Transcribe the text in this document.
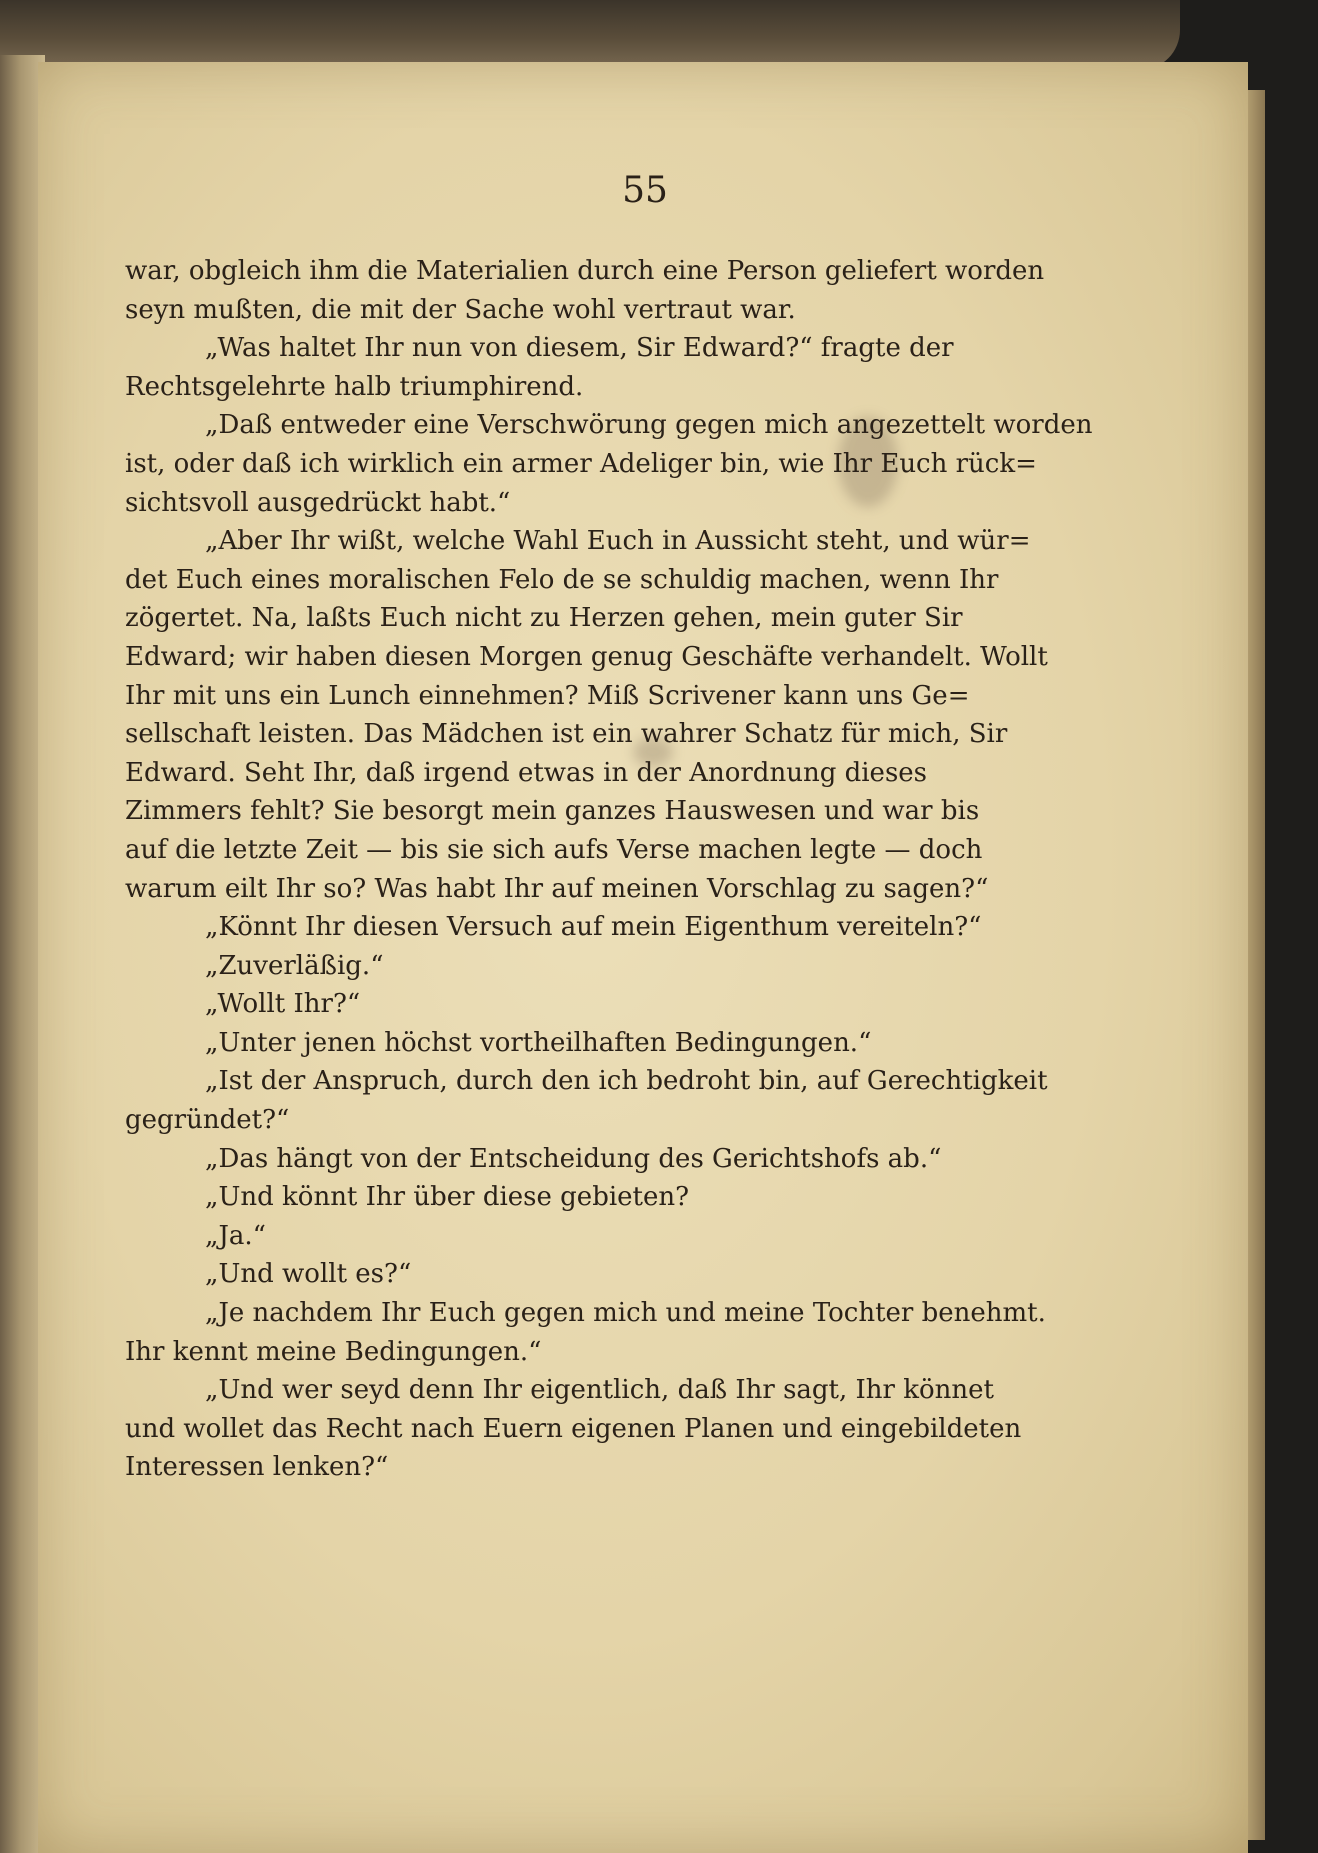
55
war, obgleich ihm die Materialien durch eine Person geliefert worden
seyn mußten, die mit der Sache wohl vertraut war.
„Was haltet Ihr nun von diesem, Sir Edward?“ fragte der
Rechtsgelehrte halb triumphirend.
„Daß entweder eine Verschwörung gegen mich angezettelt worden
ist, oder daß ich wirklich ein armer Adeliger bin, wie Ihr Euch rück=
sichtsvoll ausgedrückt habt.“
„Aber Ihr wißt, welche Wahl Euch in Aussicht steht, und wür=
det Euch eines moralischen Felo de se schuldig machen, wenn Ihr
zögertet. Na, laßts Euch nicht zu Herzen gehen, mein guter Sir
Edward; wir haben diesen Morgen genug Geschäfte verhandelt. Wollt
Ihr mit uns ein Lunch einnehmen? Miß Scrivener kann uns Ge=
sellschaft leisten. Das Mädchen ist ein wahrer Schatz für mich, Sir
Edward. Seht Ihr, daß irgend etwas in der Anordnung dieses
Zimmers fehlt? Sie besorgt mein ganzes Hauswesen und war bis
auf die letzte Zeit — bis sie sich aufs Verse machen legte — doch
warum eilt Ihr so? Was habt Ihr auf meinen Vorschlag zu sagen?“
„Könnt Ihr diesen Versuch auf mein Eigenthum vereiteln?“
„Zuverläßig.“
„Wollt Ihr?“
„Unter jenen höchst vortheilhaften Bedingungen.“
„Ist der Anspruch, durch den ich bedroht bin, auf Gerechtigkeit
gegründet?“
„Das hängt von der Entscheidung des Gerichtshofs ab.“
„Und könnt Ihr über diese gebieten?
„Ja.“
„Und wollt es?“
„Je nachdem Ihr Euch gegen mich und meine Tochter benehmt.
Ihr kennt meine Bedingungen.“
„Und wer seyd denn Ihr eigentlich, daß Ihr sagt, Ihr könnet
und wollet das Recht nach Euern eigenen Planen und eingebildeten
Interessen lenken?“
